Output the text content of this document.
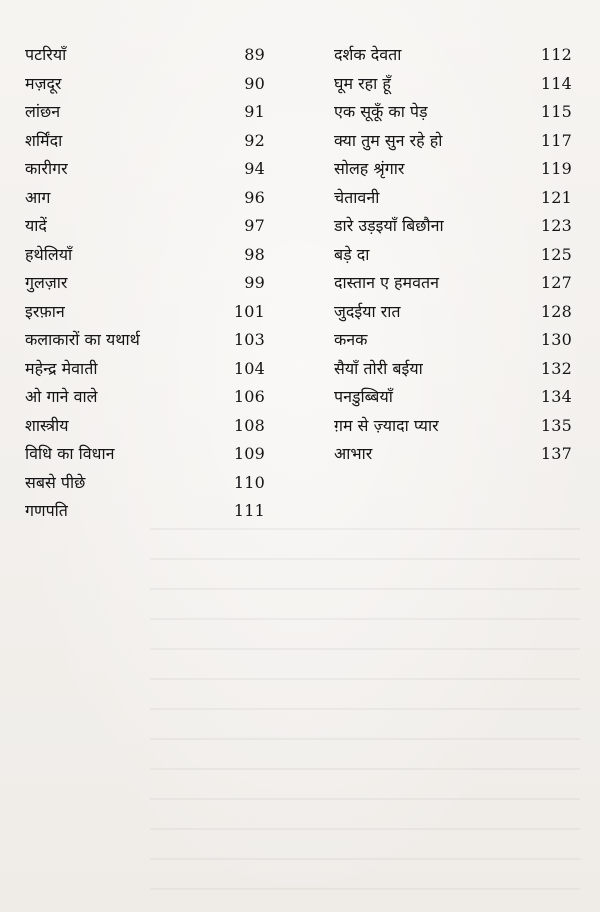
पटरियाँ	89
मज़दूर	90
लांछन	91
शर्मिंदा	92
कारीगर	94
आग	96
यादें	97
हथेलियाँ	98
गुलज़ार	99
इरफ़ान	101
कलाकारों का यथार्थ	103
महेन्द्र मेवाती	104
ओ गाने वाले	106
शास्त्रीय	108
विधि का विधान	109
सबसे पीछे	110
गणपति	111
दर्शक देवता	112
घूम रहा हूँ	114
एक सूकूँ का पेड़	115
क्या तुम सुन रहे हो	117
सोलह श्रृंगार	119
चेतावनी	121
डारे उड़इयाँ बिछौना	123
बड़े दा	125
दास्तान ए हमवतन	127
जुदईया रात	128
कनक	130
सैयाँ तोरी बईया	132
पनडुब्बियाँ	134
ग़म से ज़्यादा प्यार	135
आभार	137
